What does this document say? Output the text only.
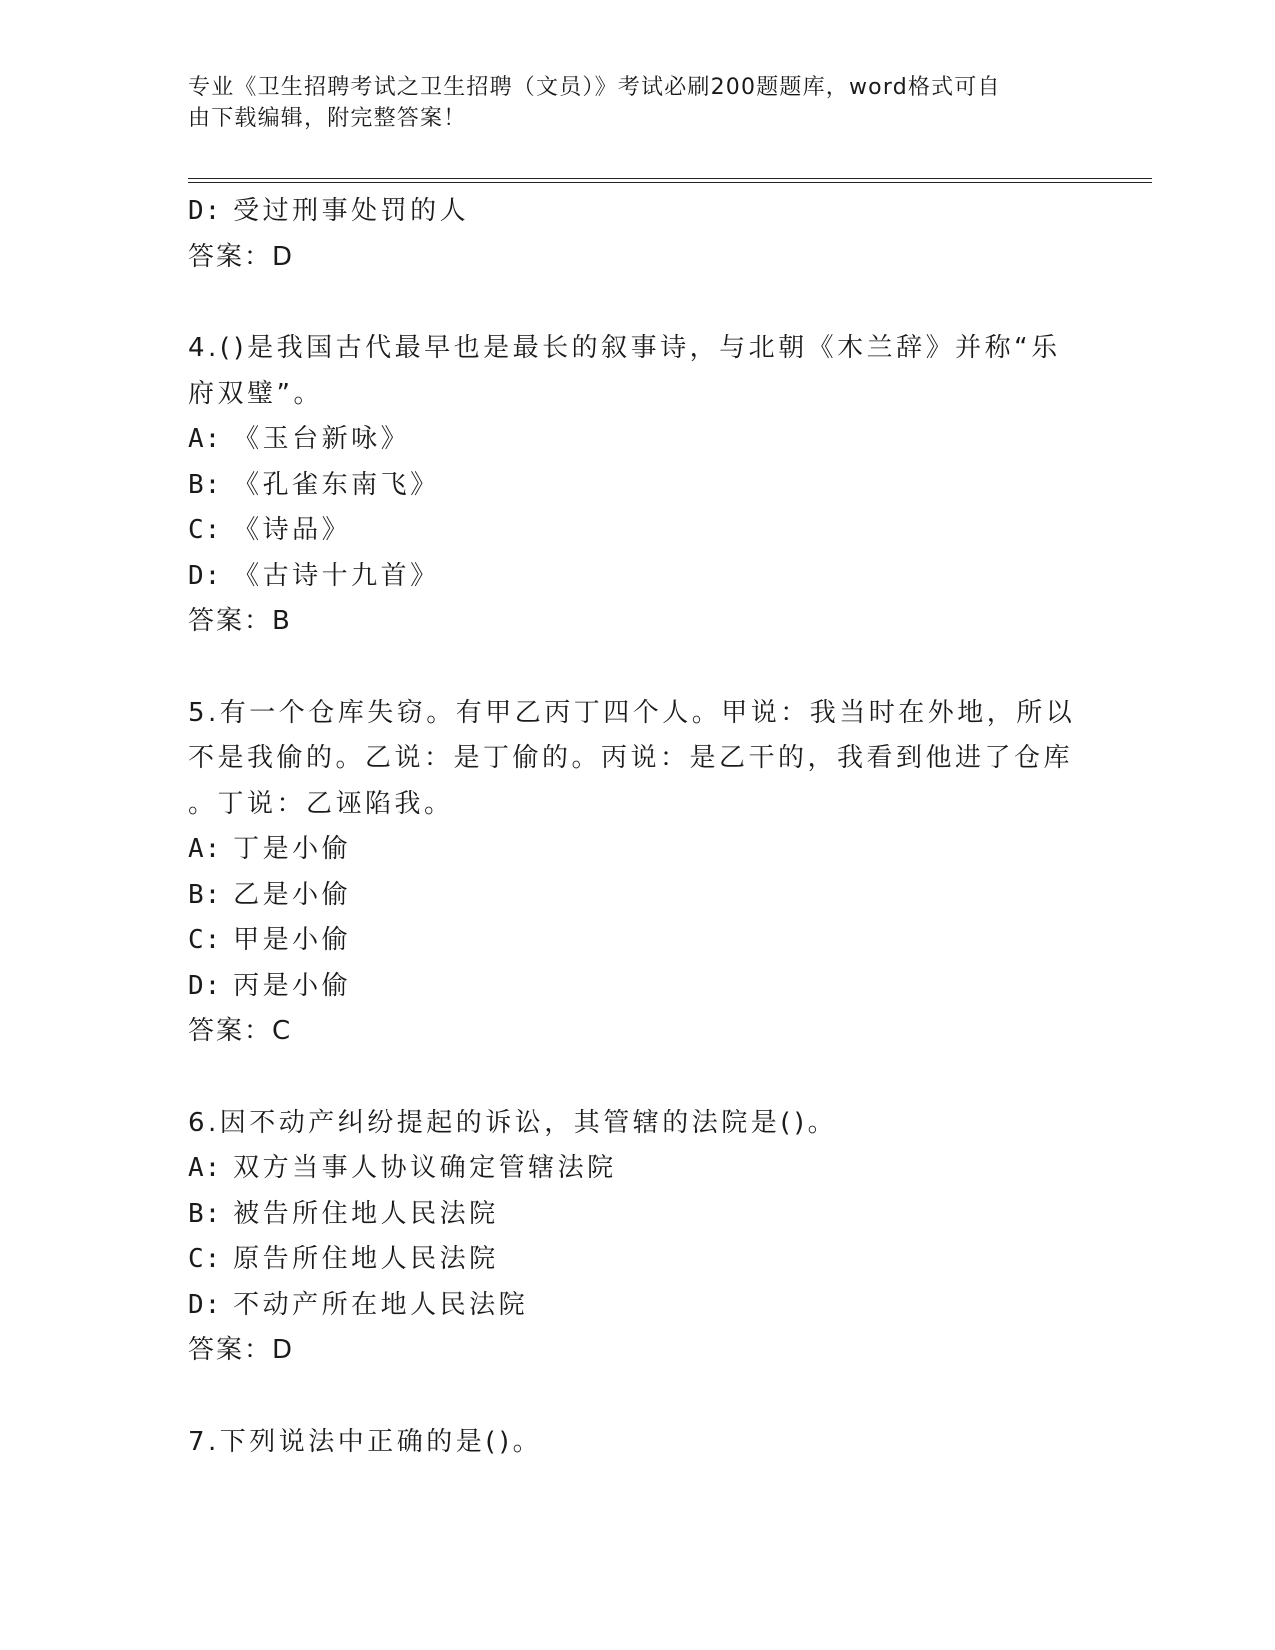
专业《卫生招聘考试之卫生招聘（文员）》考试必刷200题题库，word格式可自
由下载编辑，附完整答案！

D: 受过刑事处罚的人

答案：D

4.()是我国古代最早也是最长的叙事诗，与北朝《木兰辞》并称“乐

府双璧”。

A: 《玉台新咏》

B: 《孔雀东南飞》

C: 《诗品》

D: 《古诗十九首》

答案：B

5.有一个仓库失窃。有甲乙丙丁四个人。甲说：我当时在外地，所以

不是我偷的。乙说：是丁偷的。丙说：是乙干的，我看到他进了仓库

。丁说：乙诬陷我。

A: 丁是小偷

B: 乙是小偷

C: 甲是小偷

D: 丙是小偷

答案：C

6.因不动产纠纷提起的诉讼，其管辖的法院是()。

A: 双方当事人协议确定管辖法院

B: 被告所住地人民法院

C: 原告所住地人民法院

D: 不动产所在地人民法院

答案：D

7.下列说法中正确的是()。
